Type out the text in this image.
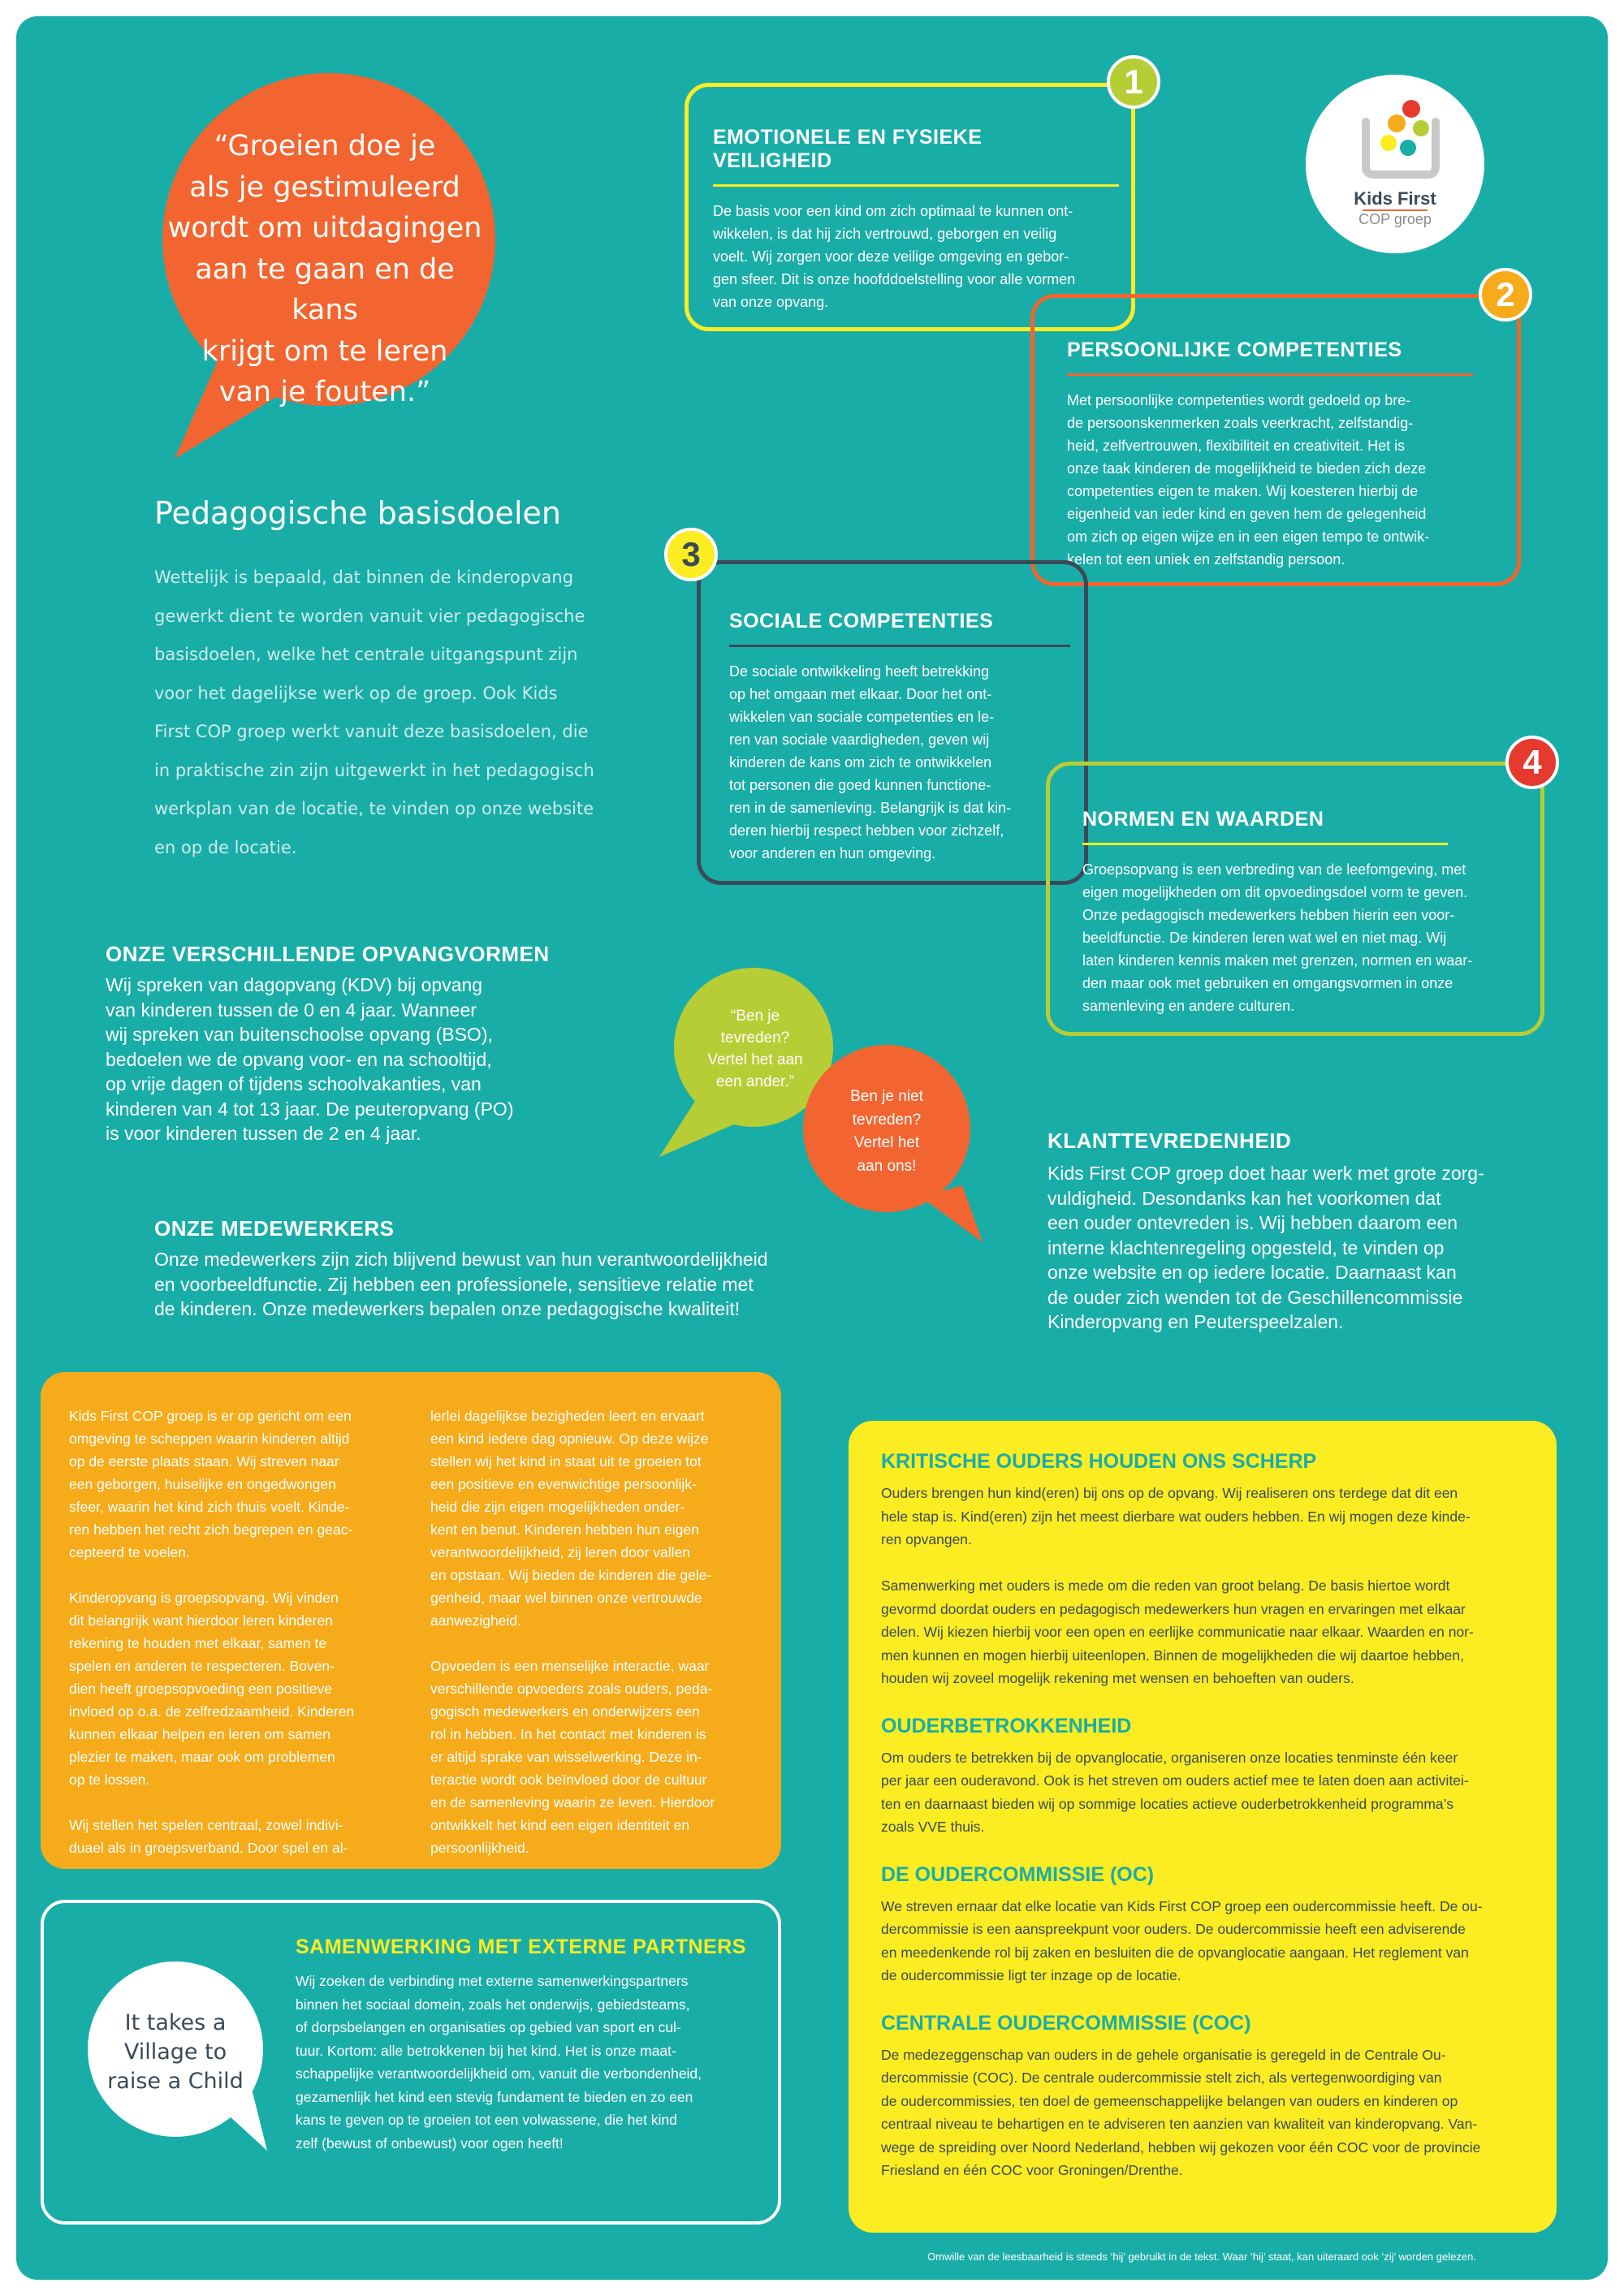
“Groeien doe je
als je gestimuleerd
wordt om uitdagingen
aan te gaan en de kans
krijgt om te leren
van je fouten.”

Kids First
COP groep
EMOTIONELE EN FYSIEKE VEILIGHEID

De basis voor een kind om zich optimaal te kunnen ont-
wikkelen, is dat hij zich vertrouwd, geborgen en veilig
voelt. Wij zorgen voor deze veilige omgeving en gebor-
gen sfeer. Dit is onze hoofddoelstelling voor alle vormen
van onze opvang.

1
PERSOONLIJKE COMPETENTIES

Met persoonlijke competenties wordt gedoeld op bre-
de persoonskenmerken zoals veerkracht, zelfstandig-
heid, zelfvertrouwen, flexibiliteit en creativiteit. Het is
onze taak kinderen de mogelijkheid te bieden zich deze
competenties eigen te maken. Wij koesteren hierbij de
eigenheid van ieder kind en geven hem de gelegenheid
om zich op eigen wijze en in een eigen tempo te ontwik-
kelen tot een uniek en zelfstandig persoon.

2
SOCIALE COMPETENTIES

De sociale ontwikkeling heeft betrekking
op het omgaan met elkaar. Door het ont-
wikkelen van sociale competenties en le-
ren van sociale vaardigheden, geven wij
kinderen de kans om zich te ontwikkelen
tot personen die goed kunnen functione-
ren in de samenleving. Belangrijk is dat kin-
deren hierbij respect hebben voor zichzelf,
voor anderen en hun omgeving.

3
NORMEN EN WAARDEN

Groepsopvang is een verbreding van de leefomgeving, met
eigen mogelijkheden om dit opvoedingsdoel vorm te geven.
Onze pedagogisch medewerkers hebben hierin een voor-
beeldfunctie. De kinderen leren wat wel en niet mag. Wij
laten kinderen kennis maken met grenzen, normen en waar-
den maar ook met gebruiken en omgangsvormen in onze
samenleving en andere culturen.

4
Pedagogische basisdoelen

Wettelijk is bepaald, dat binnen de kinderopvang
gewerkt dient te worden vanuit vier pedagogische
basisdoelen, welke het centrale uitgangspunt zijn
voor het dagelijkse werk op de groep. Ook Kids
First COP groep werkt vanuit deze basisdoelen, die
in praktische zin zijn uitgewerkt in het pedagogisch
werkplan van de locatie, te vinden op onze website
en op de locatie.

ONZE VERSCHILLENDE OPVANGVORMEN

Wij spreken van dagopvang (KDV) bij opvang
van kinderen tussen de 0 en 4 jaar. Wanneer
wij spreken van buitenschoolse opvang (BSO),
bedoelen we de opvang voor- en na schooltijd,
op vrije dagen of tijdens schoolvakanties, van
kinderen van 4 tot 13 jaar. De peuteropvang (PO)
is voor kinderen tussen de 2 en 4 jaar.

“Ben je
tevreden?
Vertel het aan
een ander.”

Ben je niet
tevreden?
Vertel het
aan ons!

KLANTTEVREDENHEID

Kids First COP groep doet haar werk met grote zorg-
vuldigheid. Desondanks kan het voorkomen dat
een ouder ontevreden is. Wij hebben daarom een
interne klachtenregeling opgesteld, te vinden op
onze website en op iedere locatie. Daarnaast kan
de ouder zich wenden tot de Geschillencommissie
Kinderopvang en Peuterspeelzalen.

ONZE MEDEWERKERS

Onze medewerkers zijn zich blijvend bewust van hun verantwoordelijkheid
en voorbeeldfunctie. Zij hebben een professionele, sensitieve relatie met
de kinderen. Onze medewerkers bepalen onze pedagogische kwaliteit!

Kids First COP groep is er op gericht om een
omgeving te scheppen waarin kinderen altijd
op de eerste plaats staan. Wij streven naar
een geborgen, huiselijke en ongedwongen
sfeer, waarin het kind zich thuis voelt. Kinde-
ren hebben het recht zich begrepen en geac-
cepteerd te voelen.

Kinderopvang is groepsopvang. Wij vinden
dit belangrijk want hierdoor leren kinderen
rekening te houden met elkaar, samen te
spelen en anderen te respecteren. Boven-
dien heeft groepsopvoeding een positieve
invloed op o.a. de zelfredzaamheid. Kinderen
kunnen elkaar helpen en leren om samen
plezier te maken, maar ook om problemen
op te lossen.

Wij stellen het spelen centraal, zowel indivi-
duael als in groepsverband. Door spel en al-

lerlei dagelijkse bezigheden leert en ervaart
een kind iedere dag opnieuw. Op deze wijze
stellen wij het kind in staat uit te groeien tot
een positieve en evenwichtige persoonlijk-
heid die zijn eigen mogelijkheden onder-
kent en benut. Kinderen hebben hun eigen
verantwoordelijkheid, zij leren door vallen
en opstaan. Wij bieden de kinderen die gele-
genheid, maar wel binnen onze vertrouwde
aanwezigheid.

Opvoeden is een menselijke interactie, waar
verschillende opvoeders zoals ouders, peda-
gogisch medewerkers en onderwijzers een
rol in hebben. In het contact met kinderen is
er altijd sprake van wisselwerking. Deze in-
teractie wordt ook beïnvloed door de cultuur
en de samenleving waarin ze leven. Hierdoor
ontwikkelt het kind een eigen identiteit en
persoonlijkheid.

It takes a
Village to
raise a Child

SAMENWERKING MET EXTERNE PARTNERS

Wij zoeken de verbinding met externe samenwerkingspartners
binnen het sociaal domein, zoals het onderwijs, gebiedsteams,
of dorpsbelangen en organisaties op gebied van sport en cul-
tuur. Kortom: alle betrokkenen bij het kind. Het is onze maat-
schappelijke verantwoordelijkheid om, vanuit die verbondenheid,
gezamenlijk het kind een stevig fundament te bieden en zo een
kans te geven op te groeien tot een volwassene, die het kind
zelf (bewust of onbewust) voor ogen heeft!

KRITISCHE OUDERS HOUDEN ONS SCHERP

Ouders brengen hun kind(eren) bij ons op de opvang. Wij realiseren ons terdege dat dit een
hele stap is. Kind(eren) zijn het meest dierbare wat ouders hebben. En wij mogen deze kinde-
ren opvangen.

Samenwerking met ouders is mede om die reden van groot belang. De basis hiertoe wordt
gevormd doordat ouders en pedagogisch medewerkers hun vragen en ervaringen met elkaar
delen. Wij kiezen hierbij voor een open en eerlijke communicatie naar elkaar. Waarden en nor-
men kunnen en mogen hierbij uiteenlopen. Binnen de mogelijkheden die wij daartoe hebben,
houden wij zoveel mogelijk rekening met wensen en behoeften van ouders.

OUDERBETROKKENHEID

Om ouders te betrekken bij de opvanglocatie, organiseren onze locaties tenminste één keer
per jaar een ouderavond. Ook is het streven om ouders actief mee te laten doen aan activitei-
ten en daarnaast bieden wij op sommige locaties actieve ouderbetrokkenheid programma’s
zoals VVE thuis.

DE OUDERCOMMISSIE (OC)

We streven ernaar dat elke locatie van Kids First COP groep een oudercommissie heeft. De ou-
dercommissie is een aanspreekpunt voor ouders. De oudercommissie heeft een adviserende
en meedenkende rol bij zaken en besluiten die de opvanglocatie aangaan. Het reglement van
de oudercommissie ligt ter inzage op de locatie.

CENTRALE OUDERCOMMISSIE (COC)

De medezeggenschap van ouders in de gehele organisatie is geregeld in de Centrale Ou-
dercommissie (COC). De centrale oudercommissie stelt zich, als vertegenwoordiging van
de oudercommissies, ten doel de gemeenschappelijke belangen van ouders en kinderen op
centraal niveau te behartigen en te adviseren ten aanzien van kwaliteit van kinderopvang. Van-
wege de spreiding over Noord Nederland, hebben wij gekozen voor één COC voor de provincie
Friesland en één COC voor Groningen/Drenthe.

Omwille van de leesbaarheid is steeds ‘hij’ gebruikt in de tekst. Waar ‘hij’ staat, kan uiteraard ook ‘zij’ worden gelezen.
